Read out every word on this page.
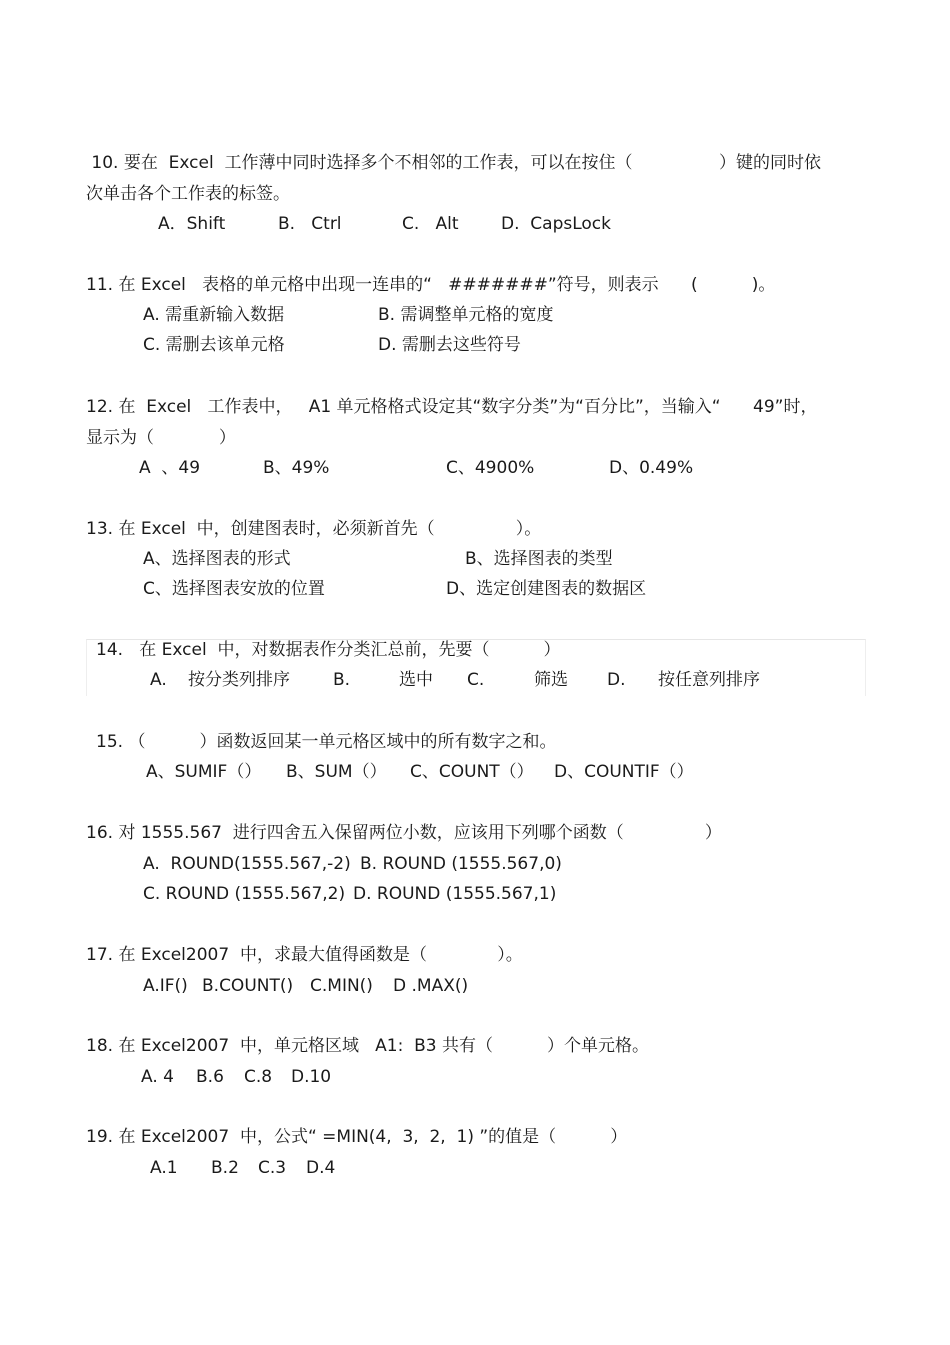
10. 要在  Excel  工作薄中同时选择多个不相邻的工作表，可以在按住（                ）键的同时依
次单击各个工作表的标签。
A．Shift	B.   Ctrl	C.   Alt D.  CapsLock
11. 在 Excel   表格的单元格中出现一连串的“   #######”符号，则表示      (          )。
A. 需重新输入数据	B. 需调整单元格的宽度
C. 需删去该单元格	D. 需删去这些符号
12. 在  Excel   工作表中，   A1 单元格格式设定其“数字分类”为“百分比”，当输入“      49”时，
显示为（            ）
A  、49	B、49%	C、4900%	D、0.49%
13. 在 Excel  中，创建图表时，必须新首先（               ）。
A、选择图表的形式	B、选择图表的类型
C、选择图表安放的位置	D、选定创建图表的数据区
14.   在 Excel  中，对数据表作分类汇总前，先要（          ）
A. 按分类列排序	B.	选中 C.	筛选 D. 按任意列排序
15. （          ）函数返回某一单元格区域中的所有数字之和。
A、SUMIF（） B、SUM（） C、COUNT（） D、COUNTIF（）
16. 对 1555.567  进行四舍五入保留两位小数，应该用下列哪个函数（               ）
A.  ROUND(1555.567,-2) B. ROUND (1555.567,0)
C. ROUND (1555.567,2) D. ROUND (1555.567,1)
17. 在 Excel2007  中，求最大值得函数是（             ）。
A.IF() B.COUNT() C.MIN() D .MAX()
18. 在 Excel2007  中，单元格区域   A1:  B3 共有（          ）个单元格。
A. 4 B.6 C.8 D.10
19. 在 Excel2007  中，公式“ =MIN(4,  3,  2,  1) ”的值是（          ）
A.1 B.2 C.3 D.4
